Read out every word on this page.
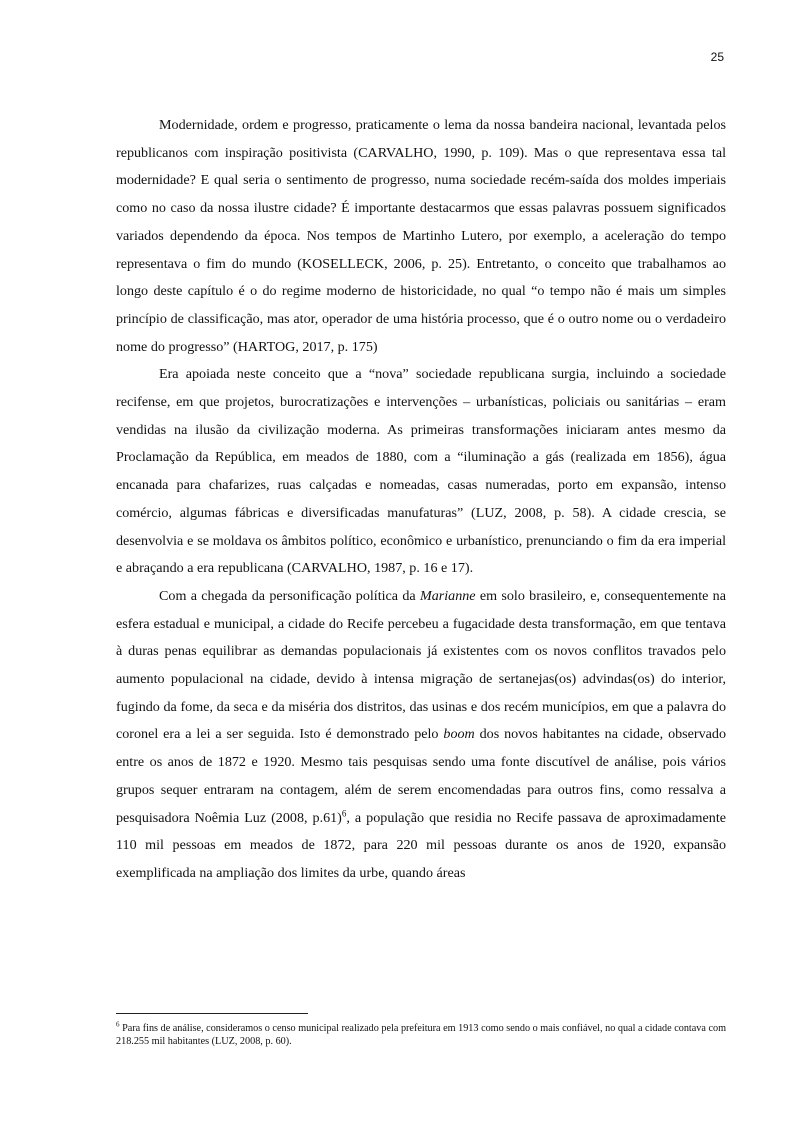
25

Modernidade, ordem e progresso, praticamente o lema da nossa bandeira nacional, levantada pelos republicanos com inspiração positivista (CARVALHO, 1990, p. 109). Mas o que representava essa tal modernidade? E qual seria o sentimento de progresso, numa sociedade recém-saída dos moldes imperiais como no caso da nossa ilustre cidade? É importante destacarmos que essas palavras possuem significados variados dependendo da época. Nos tempos de Martinho Lutero, por exemplo, a aceleração do tempo representava o fim do mundo (KOSELLECK, 2006, p. 25). Entretanto, o conceito que trabalhamos ao longo deste capítulo é o do regime moderno de historicidade, no qual “o tempo não é mais um simples princípio de classificação, mas ator, operador de uma história processo, que é o outro nome ou o verdadeiro nome do progresso” (HARTOG, 2017, p. 175)

Era apoiada neste conceito que a “nova” sociedade republicana surgia, incluindo a sociedade recifense, em que projetos, burocratizações e intervenções – urbanísticas, policiais ou sanitárias – eram vendidas na ilusão da civilização moderna. As primeiras transformações iniciaram antes mesmo da Proclamação da República, em meados de 1880, com a “iluminação a gás (realizada em 1856), água encanada para chafarizes, ruas calçadas e nomeadas, casas numeradas, porto em expansão, intenso comércio, algumas fábricas e diversificadas manufaturas” (LUZ, 2008, p. 58). A cidade crescia, se desenvolvia e se moldava os âmbitos político, econômico e urbanístico, prenunciando o fim da era imperial e abraçando a era republicana (CARVALHO, 1987, p. 16 e 17).

Com a chegada da personificação política da Marianne em solo brasileiro, e, consequentemente na esfera estadual e municipal, a cidade do Recife percebeu a fugacidade desta transformação, em que tentava à duras penas equilibrar as demandas populacionais já existentes com os novos conflitos travados pelo aumento populacional na cidade, devido à intensa migração de sertanejas(os) advindas(os) do interior, fugindo da fome, da seca e da miséria dos distritos, das usinas e dos recém municípios, em que a palavra do coronel era a lei a ser seguida. Isto é demonstrado pelo boom dos novos habitantes na cidade, observado entre os anos de 1872 e 1920. Mesmo tais pesquisas sendo uma fonte discutível de análise, pois vários grupos sequer entraram na contagem, além de serem encomendadas para outros fins, como ressalva a pesquisadora Noêmia Luz (2008, p.61)$^6$, a população que residia no Recife passava de aproximadamente 110 mil pessoas em meados de 1872, para 220 mil pessoas durante os anos de 1920, expansão exemplificada na ampliação dos limites da urbe, quando áreas

$^6$ Para fins de análise, consideramos o censo municipal realizado pela prefeitura em 1913 como sendo o mais confiável, no qual a cidade contava com 218.255 mil habitantes (LUZ, 2008, p. 60).
